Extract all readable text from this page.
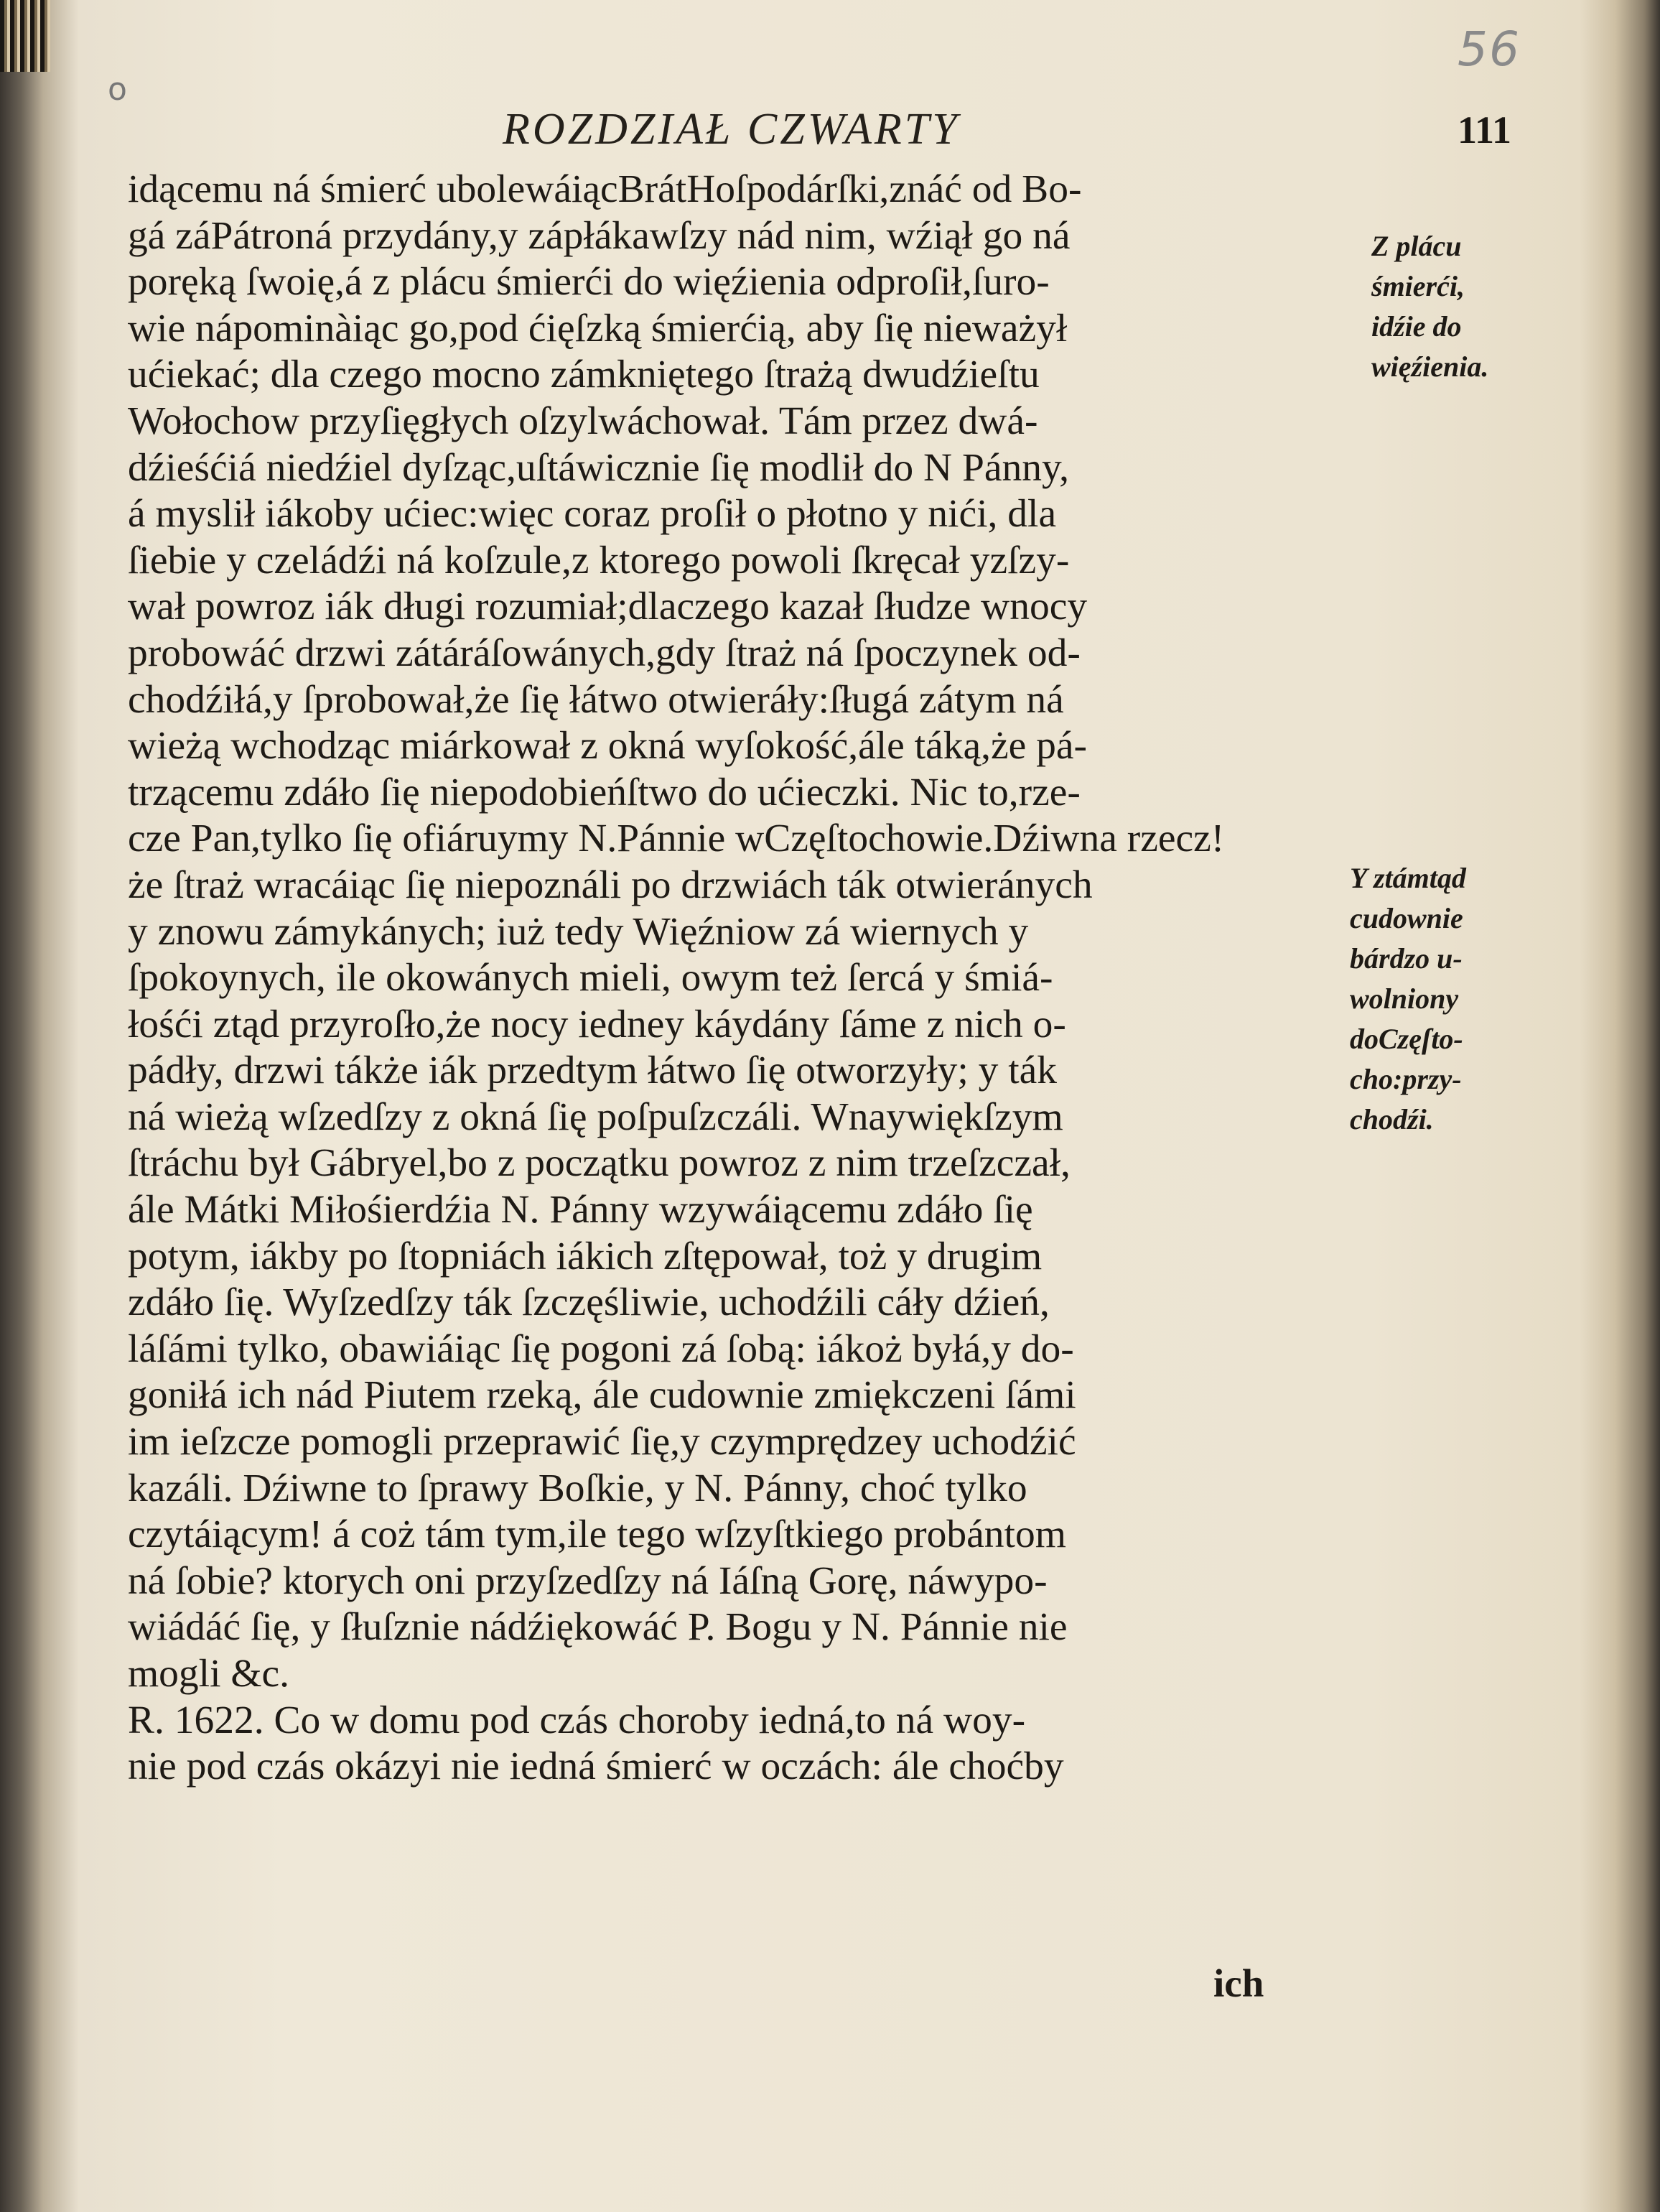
o
ROZDZIAŁ CZWARTY
56
111
idącemu ná śmierć ubolewáiącBrátHoſpodárſki,znáć od Bo-
gá záPátroná przydány,y zápłákawſzy nád nim, wźiął go ná
poręką ſwoię,á z plácu śmierći do więźienia odproſił,ſuro-
wie nápominàiąc go,pod ćięſzką śmierćią, aby ſię nieważył
ućiekać; dla czego mocno zámkniętego ſtrażą dwudźieſtu
Wołochow przyſięgłych oſzylwáchował. Tám przez dwá-
dźieśćiá niedźiel dyſząc,uſtáwicznie ſię modlił do N Pánny,
á myslił iákoby ućiec:więc coraz proſił o płotno y nići, dla
ſiebie y czeládźi ná koſzule,z ktorego powoli ſkręcał yzſzy-
wał powroz iák długi rozumiał;dlaczego kazał ſłudze wnocy
probowáć drzwi zátáráſowánych,gdy ſtraż ná ſpoczynek od-
chodźiłá,y ſprobował,że ſię łátwo otwieráły:ſługá zátym ná
wieżą wchodząc miárkował z okná wyſokość,ále táką,że pá-
trzącemu zdáło ſię niepodobieńſtwo do ućieczki. Nic to,rze-
cze Pan,tylko ſię ofiáruymy N.Pánnie wCzęſtochowie.Dźiwna rzecz!
że ſtraż wracáiąc ſię niepoználi po drzwiách ták otwieránych
y znowu zámykánych; iuż tedy Więźniow zá wiernych y
ſpokoynych, ile okowánych mieli, owym też ſercá y śmiá-
łośći ztąd przyroſło,że nocy iedney káydány ſáme z nich o-
pádły, drzwi tákże iák przedtym łátwo ſię otworzyły; y ták
ná wieżą wſzedſzy z okná ſię poſpuſzczáli. Wnaywiękſzym
ſtráchu był Gábryel,bo z początku powroz z nim trzeſzczał,
ále Mátki Miłośierdźia N. Pánny wzywáiącemu zdáło ſię
potym, iákby po ſtopniách iákich zſtępował, toż y drugim
zdáło ſię. Wyſzedſzy ták ſzczęśliwie, uchodźili cáły dźień,
láſámi tylko, obawiáiąc ſię pogoni zá ſobą: iákoż byłá,y do-
goniłá ich nád Piutem rzeką, ále cudownie zmiękczeni ſámi
im ieſzcze pomogli przeprawić ſię,y czymprędzey uchodźić
kazáli. Dźiwne to ſprawy Boſkie, y N. Pánny, choć tylko
czytáiącym! á coż tám tym,ile tego wſzyſtkiego probántom
ná ſobie? ktorych oni przyſzedſzy ná Iáſną Gorę, náwypo-
wiádáć ſię, y ſłuſznie nádźiękowáć P. Bogu y N. Pánnie nie
mogli &c.
R. 1622. Co w domu pod czás choroby iedná,to ná woy-
nie pod czás okázyi nie iedná śmierć w oczách: ále choćby
ich
Z plácu
śmierći,
idźie do
więźienia.
Y ztámtąd
cudownie
bárdzo u-
wolniony
doCzęſto-
cho:przy-
chodźi.
